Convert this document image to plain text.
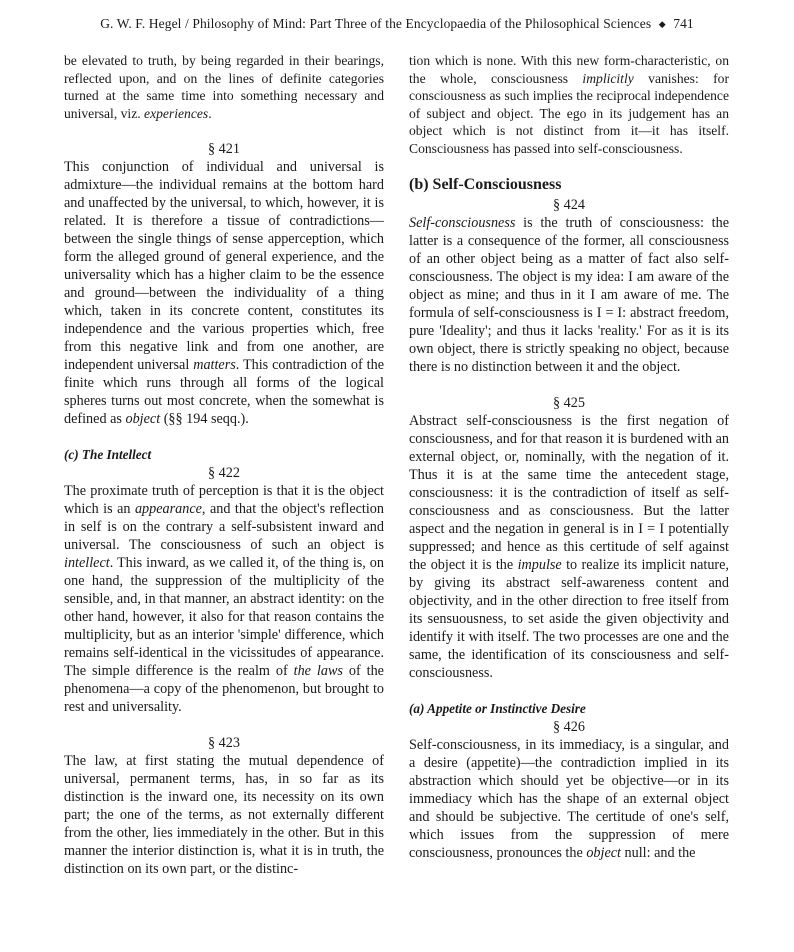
G. W. F. Hegel / Philosophy of Mind: Part Three of the Encyclopaedia of the Philosophical Sciences ◆ 741

be elevated to truth, by being regarded in their bearings, reflected upon, and on the lines of definite categories turned at the same time into something necessary and universal, viz. experiences.

§ 421

This conjunction of individual and universal is admixture—the individual remains at the bottom hard and unaffected by the universal, to which, however, it is related. It is therefore a tissue of contradictions—between the single things of sense apperception, which form the alleged ground of general experience, and the universality which has a higher claim to be the essence and ground—between the individuality of a thing which, taken in its concrete content, constitutes its independence and the various properties which, free from this negative link and from one another, are independent universal matters. This contradiction of the finite which runs through all forms of the logical spheres turns out most concrete, when the somewhat is defined as object (§§ 194 seqq.).

(c) The Intellect

§ 422

The proximate truth of perception is that it is the object which is an appearance, and that the object's reflection in self is on the contrary a self-subsistent inward and universal. The consciousness of such an object is intellect. This inward, as we called it, of the thing is, on one hand, the suppression of the multiplicity of the sensible, and, in that manner, an abstract identity: on the other hand, however, it also for that reason contains the multiplicity, but as an interior 'simple' difference, which remains self-identical in the vicissitudes of appearance. The simple difference is the realm of the laws of the phenomena—a copy of the phenomenon, but brought to rest and universality.

§ 423

The law, at first stating the mutual dependence of universal, permanent terms, has, in so far as its distinction is the inward one, its necessity on its own part; the one of the terms, as not externally different from the other, lies immediately in the other. But in this manner the interior distinction is, what it is in truth, the distinction on its own part, or the distinc-

tion which is none. With this new form-characteristic, on the whole, consciousness implicitly vanishes: for consciousness as such implies the reciprocal independence of subject and object. The ego in its judgement has an object which is not distinct from it—it has itself. Consciousness has passed into self-consciousness.

(b) Self-Consciousness

§ 424

Self-consciousness is the truth of consciousness: the latter is a consequence of the former, all consciousness of an other object being as a matter of fact also self-consciousness. The object is my idea: I am aware of the object as mine; and thus in it I am aware of me. The formula of self-consciousness is I = I: abstract freedom, pure 'Ideality'; and thus it lacks 'reality.' For as it is its own object, there is strictly speaking no object, because there is no distinction between it and the object.

§ 425

Abstract self-consciousness is the first negation of consciousness, and for that reason it is burdened with an external object, or, nominally, with the negation of it. Thus it is at the same time the antecedent stage, consciousness: it is the contradiction of itself as self-consciousness and as consciousness. But the latter aspect and the negation in general is in I = I potentially suppressed; and hence as this certitude of self against the object it is the impulse to realize its implicit nature, by giving its abstract self-awareness content and objectivity, and in the other direction to free itself from its sensuousness, to set aside the given objectivity and identify it with itself. The two processes are one and the same, the identification of its consciousness and self-consciousness.

(a) Appetite or Instinctive Desire

§ 426

Self-consciousness, in its immediacy, is a singular, and a desire (appetite)—the contradiction implied in its abstraction which should yet be objective—or in its immediacy which has the shape of an external object and should be subjective. The certitude of one's self, which issues from the suppression of mere consciousness, pronounces the object null: and the
